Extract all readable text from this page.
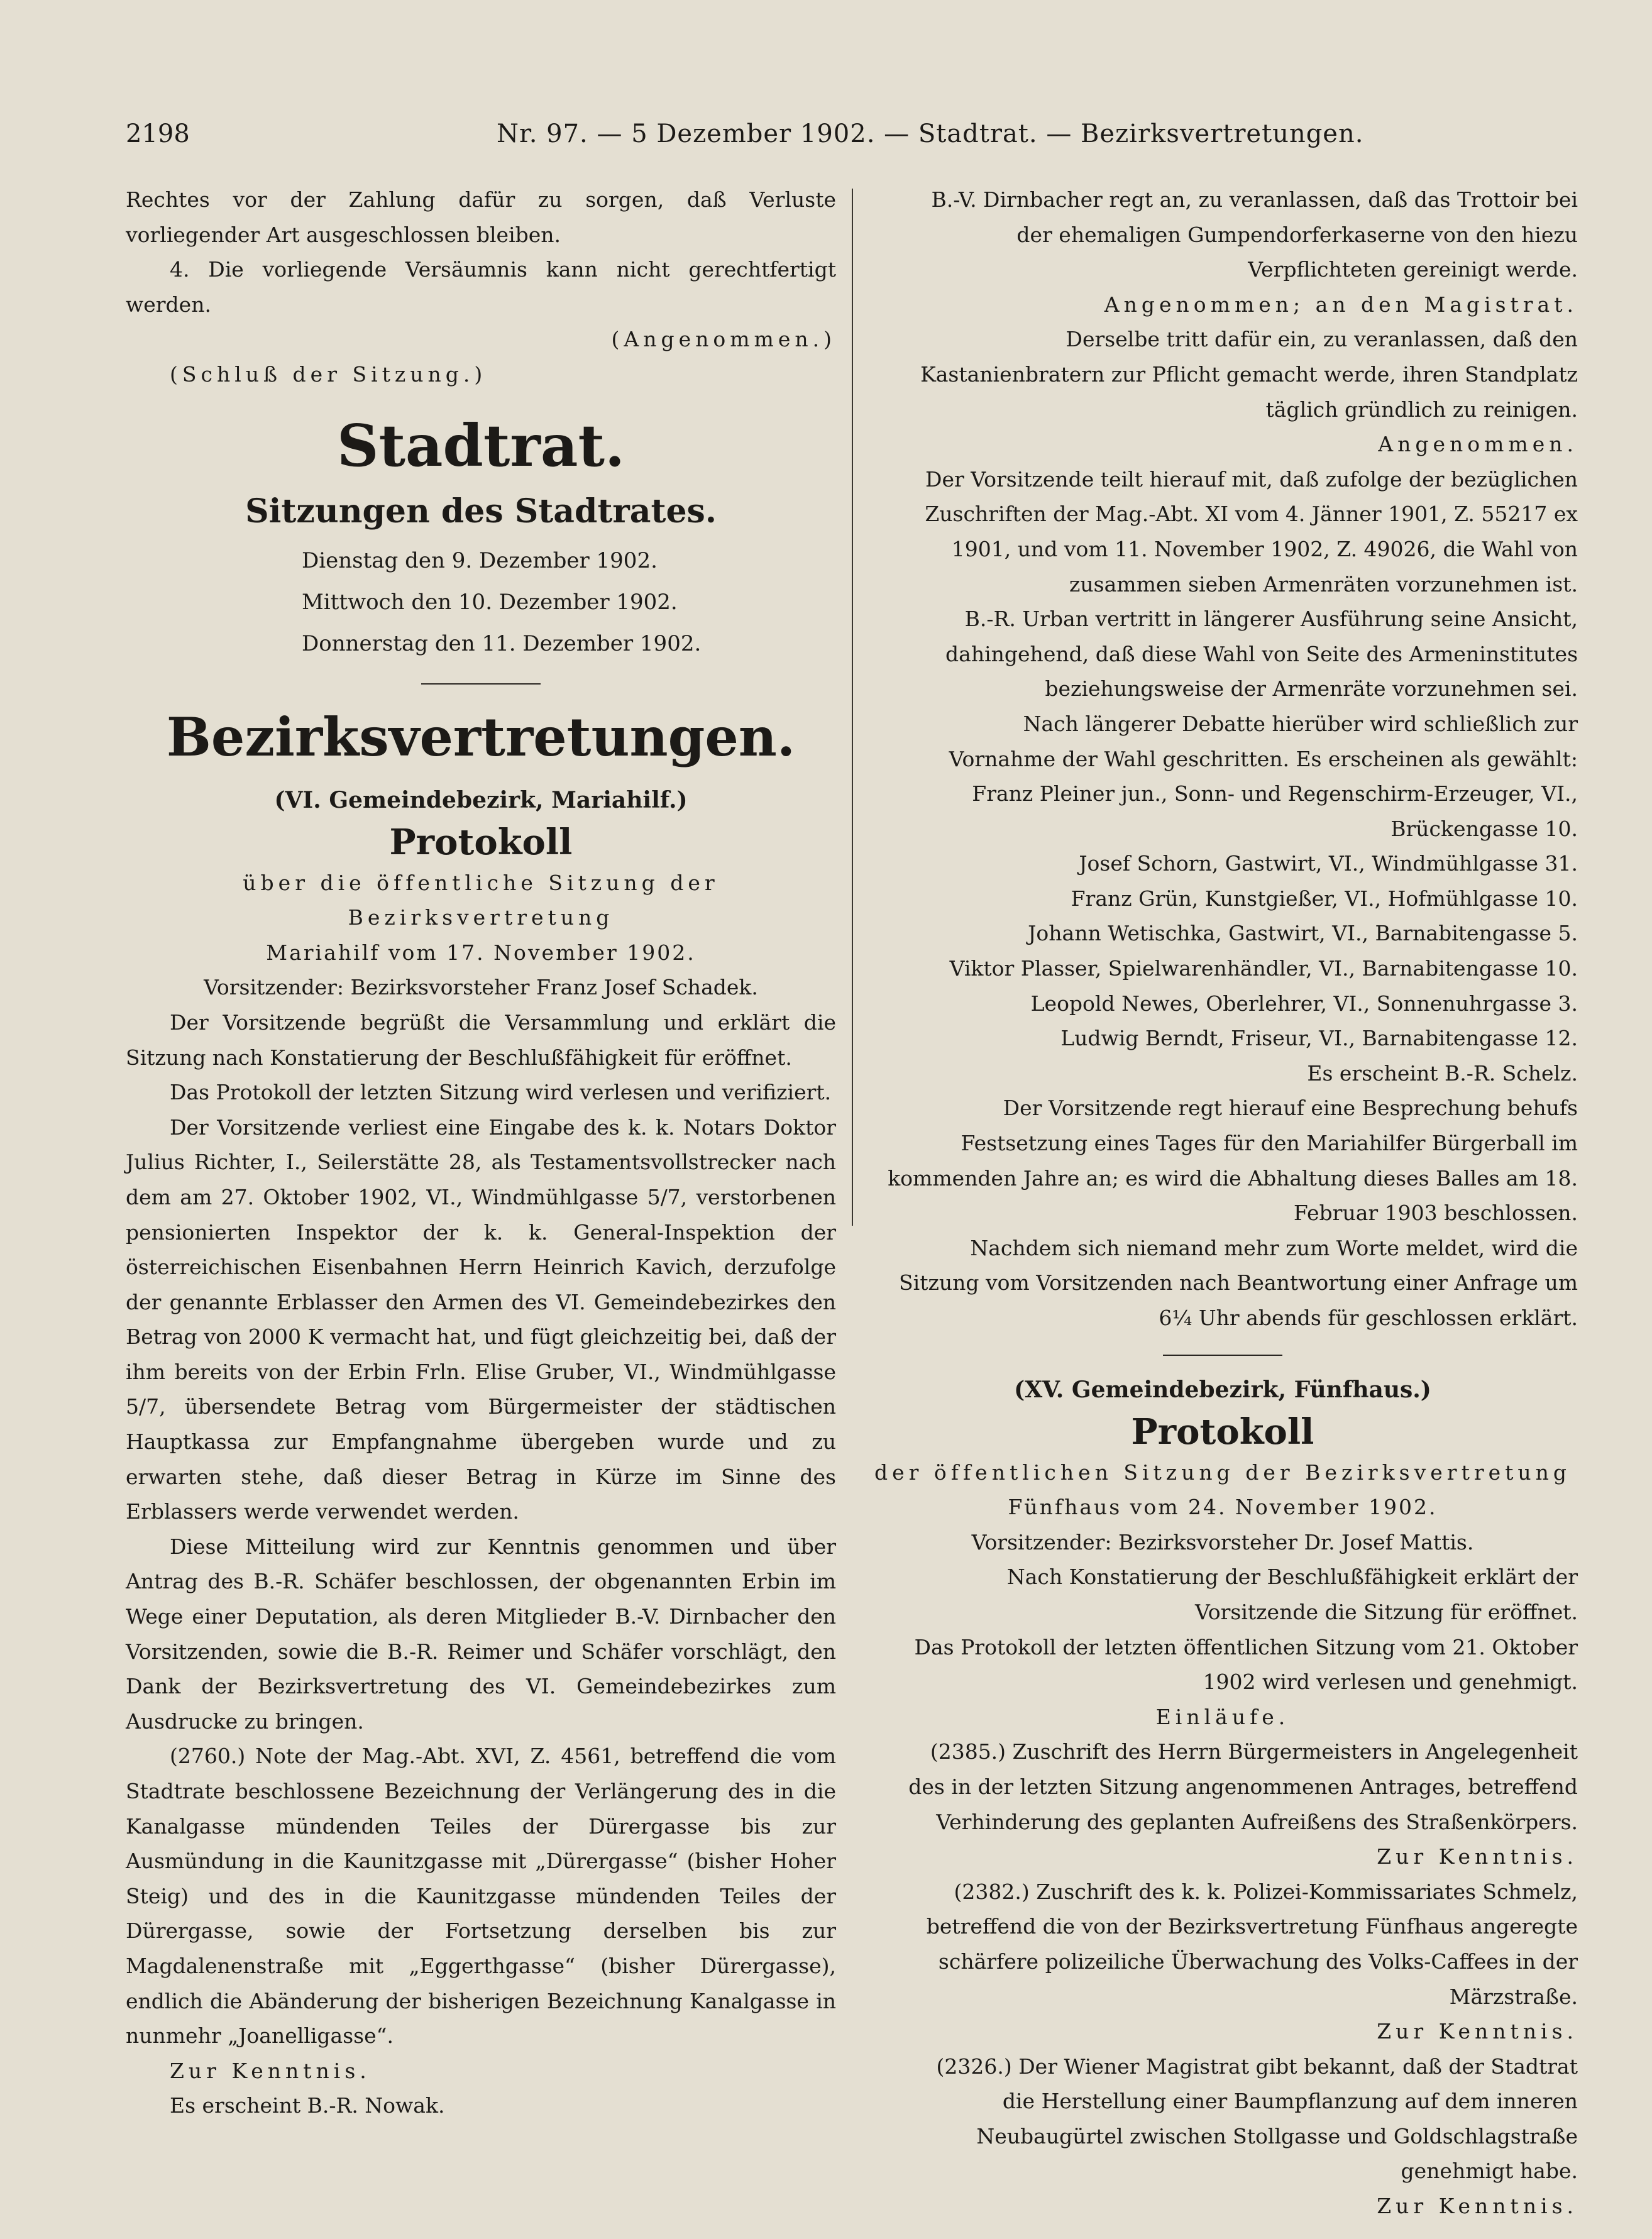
2198	Nr. 97. — 5 Dezember 1902. — Stadtrat. — Bezirksvertretungen.

Rechtes vor der Zahlung dafür zu sorgen, daß Verluste vorliegender Art ausgeschlossen bleiben.

4. Die vorliegende Versäumnis kann nicht gerechtfertigt werden.

(Angenommen.)

(Schluß der Sitzung.)

Stadtrat.
Sitzungen des Stadtrates.

Dienstag den 9. Dezember 1902.

Mittwoch den 10. Dezember 1902.

Donnerstag den 11. Dezember 1902.

Bezirksvertretungen.

(VI. Gemeindebezirk, Mariahilf.)

Protokoll

über die öffentliche Sitzung der Bezirksvertretung

Mariahilf vom 17. November 1902.

Vorsitzender: Bezirksvorsteher Franz Josef Schadek.

Der Vorsitzende begrüßt die Versammlung und erklärt die Sitzung nach Konstatierung der Beschlußfähigkeit für eröffnet.

Das Protokoll der letzten Sitzung wird verlesen und verifiziert.

Der Vorsitzende verliest eine Eingabe des k. k. Notars Doktor Julius Richter, I., Seilerstätte 28, als Testamentsvollstrecker nach dem am 27. Oktober 1902, VI., Windmühlgasse 5/7, verstorbenen pensionierten Inspektor der k. k. General-Inspektion der österreichischen Eisenbahnen Herrn Heinrich Kavich, derzufolge der genannte Erblasser den Armen des VI. Gemeindebezirkes den Betrag von 2000 K vermacht hat, und fügt gleichzeitig bei, daß der ihm bereits von der Erbin Frln. Elise Gruber, VI., Windmühlgasse 5/7, übersendete Betrag vom Bürgermeister der städtischen Hauptkassa zur Empfangnahme übergeben wurde und zu erwarten stehe, daß dieser Betrag in Kürze im Sinne des Erblassers werde verwendet werden.

Diese Mitteilung wird zur Kenntnis genommen und über Antrag des B.-R. Schäfer beschlossen, der obgenannten Erbin im Wege einer Deputation, als deren Mitglieder B.-V. Dirnbacher den Vorsitzenden, sowie die B.-R. Reimer und Schäfer vorschlägt, den Dank der Bezirksvertretung des VI. Gemeindebezirkes zum Ausdrucke zu bringen.

(2760.) Note der Mag.-Abt. XVI, Z. 4561, betreffend die vom Stadtrate beschlossene Bezeichnung der Verlängerung des in die Kanalgasse mündenden Teiles der Dürergasse bis zur Ausmündung in die Kaunitzgasse mit „Dürergasse“ (bisher Hoher Steig) und des in die Kaunitzgasse mündenden Teiles der Dürergasse, sowie der Fortsetzung derselben bis zur Magdalenenstraße mit „Eggerthgasse“ (bisher Dürergasse), endlich die Abänderung der bisherigen Bezeichnung Kanalgasse in nunmehr „Joanelligasse“.

Zur Kenntnis.

Es erscheint B.-R. Nowak.

B.-V. Dirnbacher regt an, zu veranlassen, daß das Trottoir bei der ehemaligen Gumpendorferkaserne von den hiezu Verpflichteten gereinigt werde.

Angenommen; an den Magistrat.

Derselbe tritt dafür ein, zu veranlassen, daß den Kastanienbratern zur Pflicht gemacht werde, ihren Standplatz täglich gründlich zu reinigen.

Angenommen.

Der Vorsitzende teilt hierauf mit, daß zufolge der bezüglichen Zuschriften der Mag.-Abt. XI vom 4. Jänner 1901, Z. 55217 ex 1901, und vom 11. November 1902, Z. 49026, die Wahl von zusammen sieben Armenräten vorzunehmen ist.

B.-R. Urban vertritt in längerer Ausführung seine Ansicht, dahingehend, daß diese Wahl von Seite des Armeninstitutes beziehungsweise der Armenräte vorzunehmen sei.

Nach längerer Debatte hierüber wird schließlich zur Vornahme der Wahl geschritten. Es erscheinen als gewählt:

Franz Pleiner jun., Sonn- und Regenschirm-Erzeuger, VI., Brückengasse 10.

Josef Schorn, Gastwirt, VI., Windmühlgasse 31.

Franz Grün, Kunstgießer, VI., Hofmühlgasse 10.

Johann Wetischka, Gastwirt, VI., Barnabitengasse 5.

Viktor Plasser, Spielwarenhändler, VI., Barnabitengasse 10.

Leopold Newes, Oberlehrer, VI., Sonnenuhrgasse 3.

Ludwig Berndt, Friseur, VI., Barnabitengasse 12.

Es erscheint B.-R. Schelz.

Der Vorsitzende regt hierauf eine Besprechung behufs Festsetzung eines Tages für den Mariahilfer Bürgerball im kommenden Jahre an; es wird die Abhaltung dieses Balles am 18. Februar 1903 beschlossen.

Nachdem sich niemand mehr zum Worte meldet, wird die Sitzung vom Vorsitzenden nach Beantwortung einer Anfrage um 6¼ Uhr abends für geschlossen erklärt.

(XV. Gemeindebezirk, Fünfhaus.)

Protokoll

der öffentlichen Sitzung der Bezirksvertretung

Fünfhaus vom 24. November 1902.

Vorsitzender: Bezirksvorsteher Dr. Josef Mattis.

Nach Konstatierung der Beschlußfähigkeit erklärt der Vorsitzende die Sitzung für eröffnet.

Das Protokoll der letzten öffentlichen Sitzung vom 21. Oktober 1902 wird verlesen und genehmigt.

Einläufe.

(2385.) Zuschrift des Herrn Bürgermeisters in Angelegenheit des in der letzten Sitzung angenommenen Antrages, betreffend Verhinderung des geplanten Aufreißens des Straßenkörpers.

Zur Kenntnis.

(2382.) Zuschrift des k. k. Polizei-Kommissariates Schmelz, betreffend die von der Bezirksvertretung Fünfhaus angeregte schärfere polizeiliche Überwachung des Volks-Caffees in der Märzstraße.

Zur Kenntnis.

(2326.) Der Wiener Magistrat gibt bekannt, daß der Stadtrat die Herstellung einer Baumpflanzung auf dem inneren Neubaugürtel zwischen Stollgasse und Goldschlagstraße genehmigt habe.

Zur Kenntnis.
